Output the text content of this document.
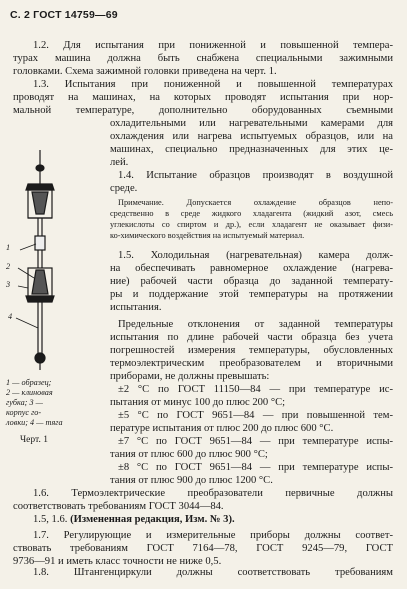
С. 2 ГОСТ 14759—69
1.2. Для испытания при пониженной и повышенной темпера-
турах машина должна быть снабжена специальными зажимными
головками. Схема зажимной головки приведена на черт. 1.
1.3. Испытания при пониженной и повышенной температурах
проводят на машинах, на которых проводят испытания при нор-
мальной температуре, дополнительно оборудованных съемными
охладительными или нагревательными камерами для
охлаждения или нагрева испытуемых образцов, или на
машинах, специально предназначенных для этих це-
лей.
1.4. Испытание образцов производят в воздушной
среде.
Примечание. Допускается охлаждение образцов непо-
средственно в среде жидкого хладагента (жидкий азот, смесь
углекислоты со спиртом и др.), если хладагент не оказывает физи-
ко-химического воздействия на испытуемый материал.
1.5. Холодильная (нагревательная) камера долж-
на обеспечивать равномерное охлаждение (нагрева-
ние) рабочей части образца до заданной температу-
ры и поддержание этой температуры на протяжении
испытания.
Предельные отклонения от заданной температуры
испытания по длине рабочей части образца без учета
погрешностей измерения температуры, обусловленных
термоэлектрическим преобразователем и вторичными
приборами, не должны превышать:
±2 °С по ГОСТ 11150—84 — при температуре ис-
пытания от минус 100 до плюс 200 °С;
±5 °С по ГОСТ 9651—84 — при повышенной тем-
пературе испытания от плюс 200 до плюс 600 °С.
±7 °С по ГОСТ 9651—84 — при температуре испы-
тания от плюс 600 до плюс 900 °С;
±8 °С по ГОСТ 9651—84 — при температуре испы-
тания от плюс 900 до плюс 1200 °С.
1.6. Термоэлектрические преобразователи первичные должны
соответствовать требованиям ГОСТ 3044—84.
1.5, 1.6. (Измененная редакция, Изм. № 3).
1.7. Регулирующие и измерительные приборы должны соответ-
ствовать требованиям ГОСТ 7164—78, ГОСТ 9245—79, ГОСТ
9736—91 и иметь класс точности не ниже 0,5.
1.8. Штангенциркули должны соответствовать требованиям
1
2
3
4
1 — образец;
2 — клиновая
губка; 3 —
корпус го-
ловки; 4 — тяга
Черт. 1
